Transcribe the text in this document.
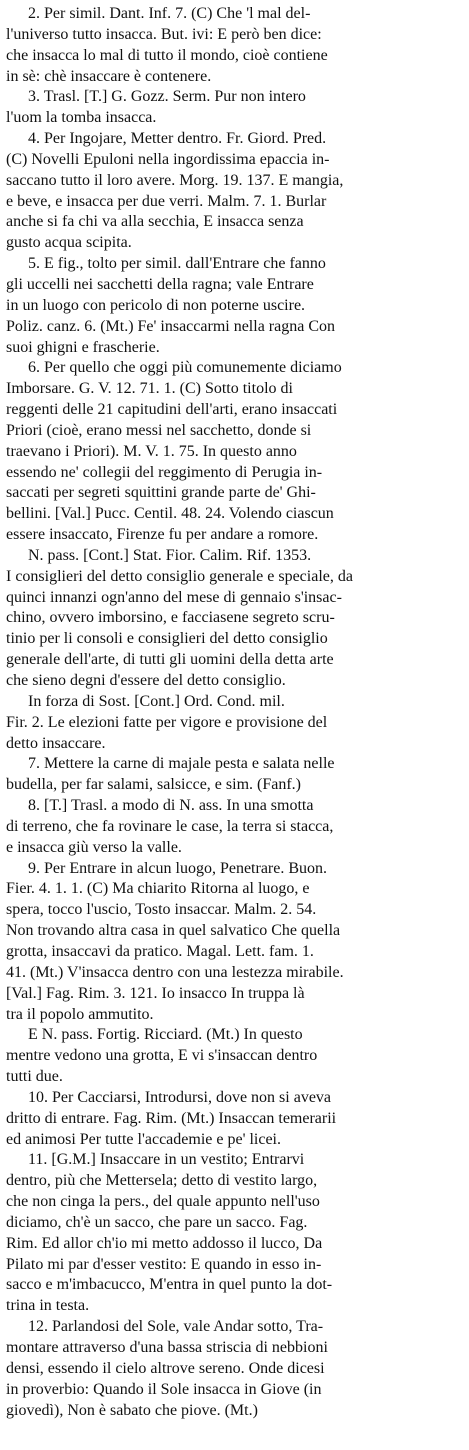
2. Per simil. Dant. Inf. 7. (C) Che 'l mal del-
l'universo tutto insacca. But. ivi: E però ben dice:
che insacca lo mal di tutto il mondo, cioè contiene
in sè: chè insaccare è contenere.
3. Trasl. [T.] G. Gozz. Serm. Pur non intero
l'uom la tomba insacca.
4. Per Ingojare, Metter dentro. Fr. Giord. Pred.
(C) Novelli Epuloni nella ingordissima epaccia in-
saccano tutto il loro avere. Morg. 19. 137. E mangia,
e beve, e insacca per due verri. Malm. 7. 1. Burlar
anche si fa chi va alla secchia, E insacca senza
gusto acqua scipita.
5. E fig., tolto per simil. dall'Entrare che fanno
gli uccelli nei sacchetti della ragna; vale Entrare
in un luogo con pericolo di non poterne uscire.
Poliz. canz. 6. (Mt.) Fe' insaccarmi nella ragna Con
suoi ghigni e frascherie.
6. Per quello che oggi più comunemente diciamo
Imborsare. G. V. 12. 71. 1. (C) Sotto titolo di
reggenti delle 21 capitudini dell'arti, erano insaccati
Priori (cioè, erano messi nel sacchetto, donde si
traevano i Priori). M. V. 1. 75. In questo anno
essendo ne' collegii del reggimento di Perugia in-
saccati per segreti squittini grande parte de' Ghi-
bellini. [Val.] Pucc. Centil. 48. 24. Volendo ciascun
essere insaccato, Firenze fu per andare a romore.
N. pass. [Cont.] Stat. Fior. Calim. Rif. 1353.
I consiglieri del detto consiglio generale e speciale, da
quinci innanzi ogn'anno del mese di gennaio s'insac-
chino, ovvero imborsino, e facciasene segreto scru-
tinio per li consoli e consiglieri del detto consiglio
generale dell'arte, di tutti gli uomini della detta arte
che sieno degni d'essere del detto consiglio.
In forza di Sost. [Cont.] Ord. Cond. mil.
Fir. 2. Le elezioni fatte per vigore e provisione del
detto insaccare.
7. Mettere la carne di majale pesta e salata nelle
budella, per far salami, salsicce, e sim. (Fanf.)
8. [T.] Trasl. a modo di N. ass. In una smotta
di terreno, che fa rovinare le case, la terra si stacca,
e insacca giù verso la valle.
9. Per Entrare in alcun luogo, Penetrare. Buon.
Fier. 4. 1. 1. (C) Ma chiarito Ritorna al luogo, e
spera, tocco l'uscio, Tosto insaccar. Malm. 2. 54.
Non trovando altra casa in quel salvatico Che quella
grotta, insaccavi da pratico. Magal. Lett. fam. 1.
41. (Mt.) V'insacca dentro con una lestezza mirabile.
[Val.] Fag. Rim. 3. 121. Io insacco In truppa là
tra il popolo ammutito.
E N. pass. Fortig. Ricciard. (Mt.) In questo
mentre vedono una grotta, E vi s'insaccan dentro
tutti due.
10. Per Cacciarsi, Introdursi, dove non si aveva
dritto di entrare. Fag. Rim. (Mt.) Insaccan temerarii
ed animosi Per tutte l'accademie e pe' licei.
11. [G.M.] Insaccare in un vestito; Entrarvi
dentro, più che Mettersela; detto di vestito largo,
che non cinga la pers., del quale appunto nell'uso
diciamo, ch'è un sacco, che pare un sacco. Fag.
Rim. Ed allor ch'io mi metto addosso il lucco, Da
Pilato mi par d'esser vestito: E quando in esso in-
sacco e m'imbacucco, M'entra in quel punto la dot-
trina in testa.
12. Parlandosi del Sole, vale Andar sotto, Tra-
montare attraverso d'una bassa striscia di nebbioni
densi, essendo il cielo altrove sereno. Onde dicesi
in proverbio: Quando il Sole insacca in Giove (in
giovedì), Non è sabato che piove. (Mt.)
